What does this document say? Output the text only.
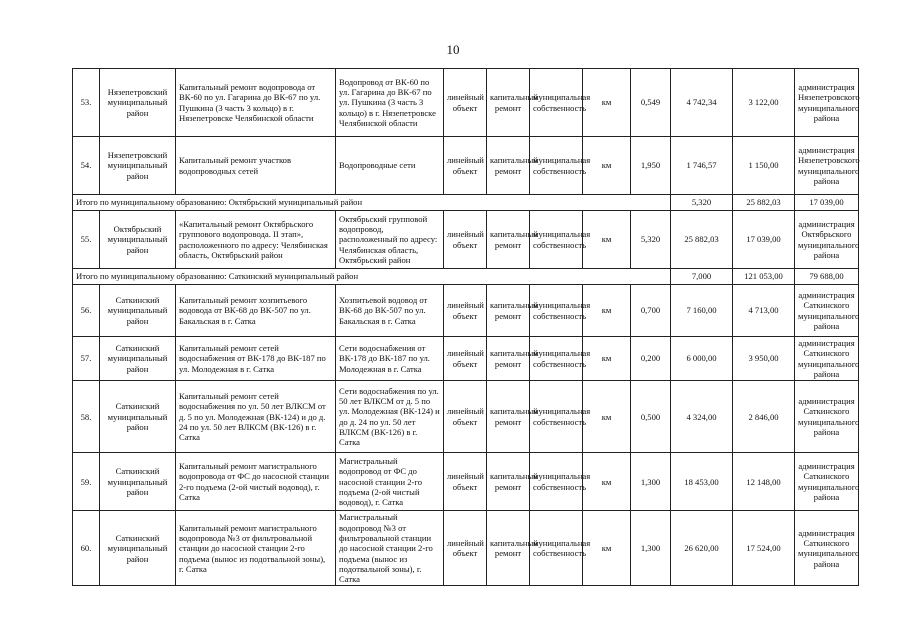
10
53.	Нязепетровский муниципальный район	Капитальный ремонт водопровода от ВК-60 по ул. Гагарина до ВК-67 по ул. Пушкина (3 часть 3 кольцо) в г. Нязепетровске Челябинской области	Водопровод от ВК-60 по ул. Гагарина до ВК-67 по ул. Пушкина (3 часть 3 кольцо) в г. Нязепетровске Челябинской области	линейный объект	капитальный ремонт	муниципальная собственность	км	0,549	4 742,34	3 122,00	администрация Нязепетровского муниципального района	
54.	Нязепетровский муниципальный район	Капитальный ремонт участков водопроводных сетей	Водопроводные сети	линейный объект	капитальный ремонт	муниципальная собственность	км	1,950	1 746,57	1 150,00	администрация Нязепетровского муниципального района	
Итого по муниципальному образованию: Октябрьский муниципальный район									5,320	25 882,03	17 039,00	
55.	Октябрьский муниципальный район	«Капитальный ремонт Октябрьского группового водопровода. II этап», расположенного по адресу: Челябинская область, Октябрьский район	Октябрьский групповой водопровод, расположенный по адресу: Челябинская область, Октябрьский район	линейный объект	капитальный ремонт	муниципальная собственность	км	5,320	25 882,03	17 039,00	администрация Октябрьского муниципального района	
Итого по муниципальному образованию: Саткинский муниципальный район									7,000	121 053,00	79 688,00	
56.	Саткинский муниципальный район	Капитальный ремонт хозпитьевого водовода от ВК-68 до ВК-507 по ул. Бакальская в г. Сатка	Хозпитьевой водовод от ВК-68 до ВК-507 по ул. Бакальская в г. Сатка	линейный объект	капитальный ремонт	муниципальная собственность	км	0,700	7 160,00	4 713,00	администрация Саткинского муниципального района	
57.	Саткинский муниципальный район	Капитальный ремонт сетей водоснабжения от ВК-178 до ВК-187 по ул. Молодежная в г. Сатка	Сети водоснабжения от ВК-178 до ВК-187 по ул. Молодежная в г. Сатка	линейный объект	капитальный ремонт	муниципальная собственность	км	0,200	6 000,00	3 950,00	администрация Саткинского муниципального района	
58.	Саткинский муниципальный район	Капитальный ремонт сетей водоснабжения по ул. 50 лет ВЛКСМ от д. 5 по ул. Молодежная (ВК-124) и до д. 24 по ул. 50 лет ВЛКСМ (ВК-126) в г. Сатка	Сети водоснабжения по ул. 50 лет ВЛКСМ от д. 5 по ул. Молодежная (ВК-124) и до д. 24 по ул. 50 лет ВЛКСМ (ВК-126) в г. Сатка	линейный объект	капитальный ремонт	муниципальная собственность	км	0,500	4 324,00	2 846,00	администрация Саткинского муниципального района	
59.	Саткинский муниципальный район	Капитальный ремонт магистрального водопровода от ФС до насосной станции 2-го подъема (2-ой чистый водовод), г. Сатка	Магистральный водопровод от ФС до насосной станции 2-го подъема (2-ой чистый водовод), г. Сатка	линейный объект	капитальный ремонт	муниципальная собственность	км	1,300	18 453,00	12 148,00	администрация Саткинского муниципального района	
60.	Саткинский муниципальный район	Капитальный ремонт магистрального водопровода №3 от фильтровальной станции до насосной станции 2-го подъема (вынос из подотвальной зоны), г. Сатка	Магистральный водопровод №3 от фильтровальной станции до насосной станции 2-го подъема (вынос из подотвальной зоны), г. Сатка	линейный объект	капитальный ремонт	муниципальная собственность	км	1,300	26 620,00	17 524,00	администрация Саткинского муниципального района	
